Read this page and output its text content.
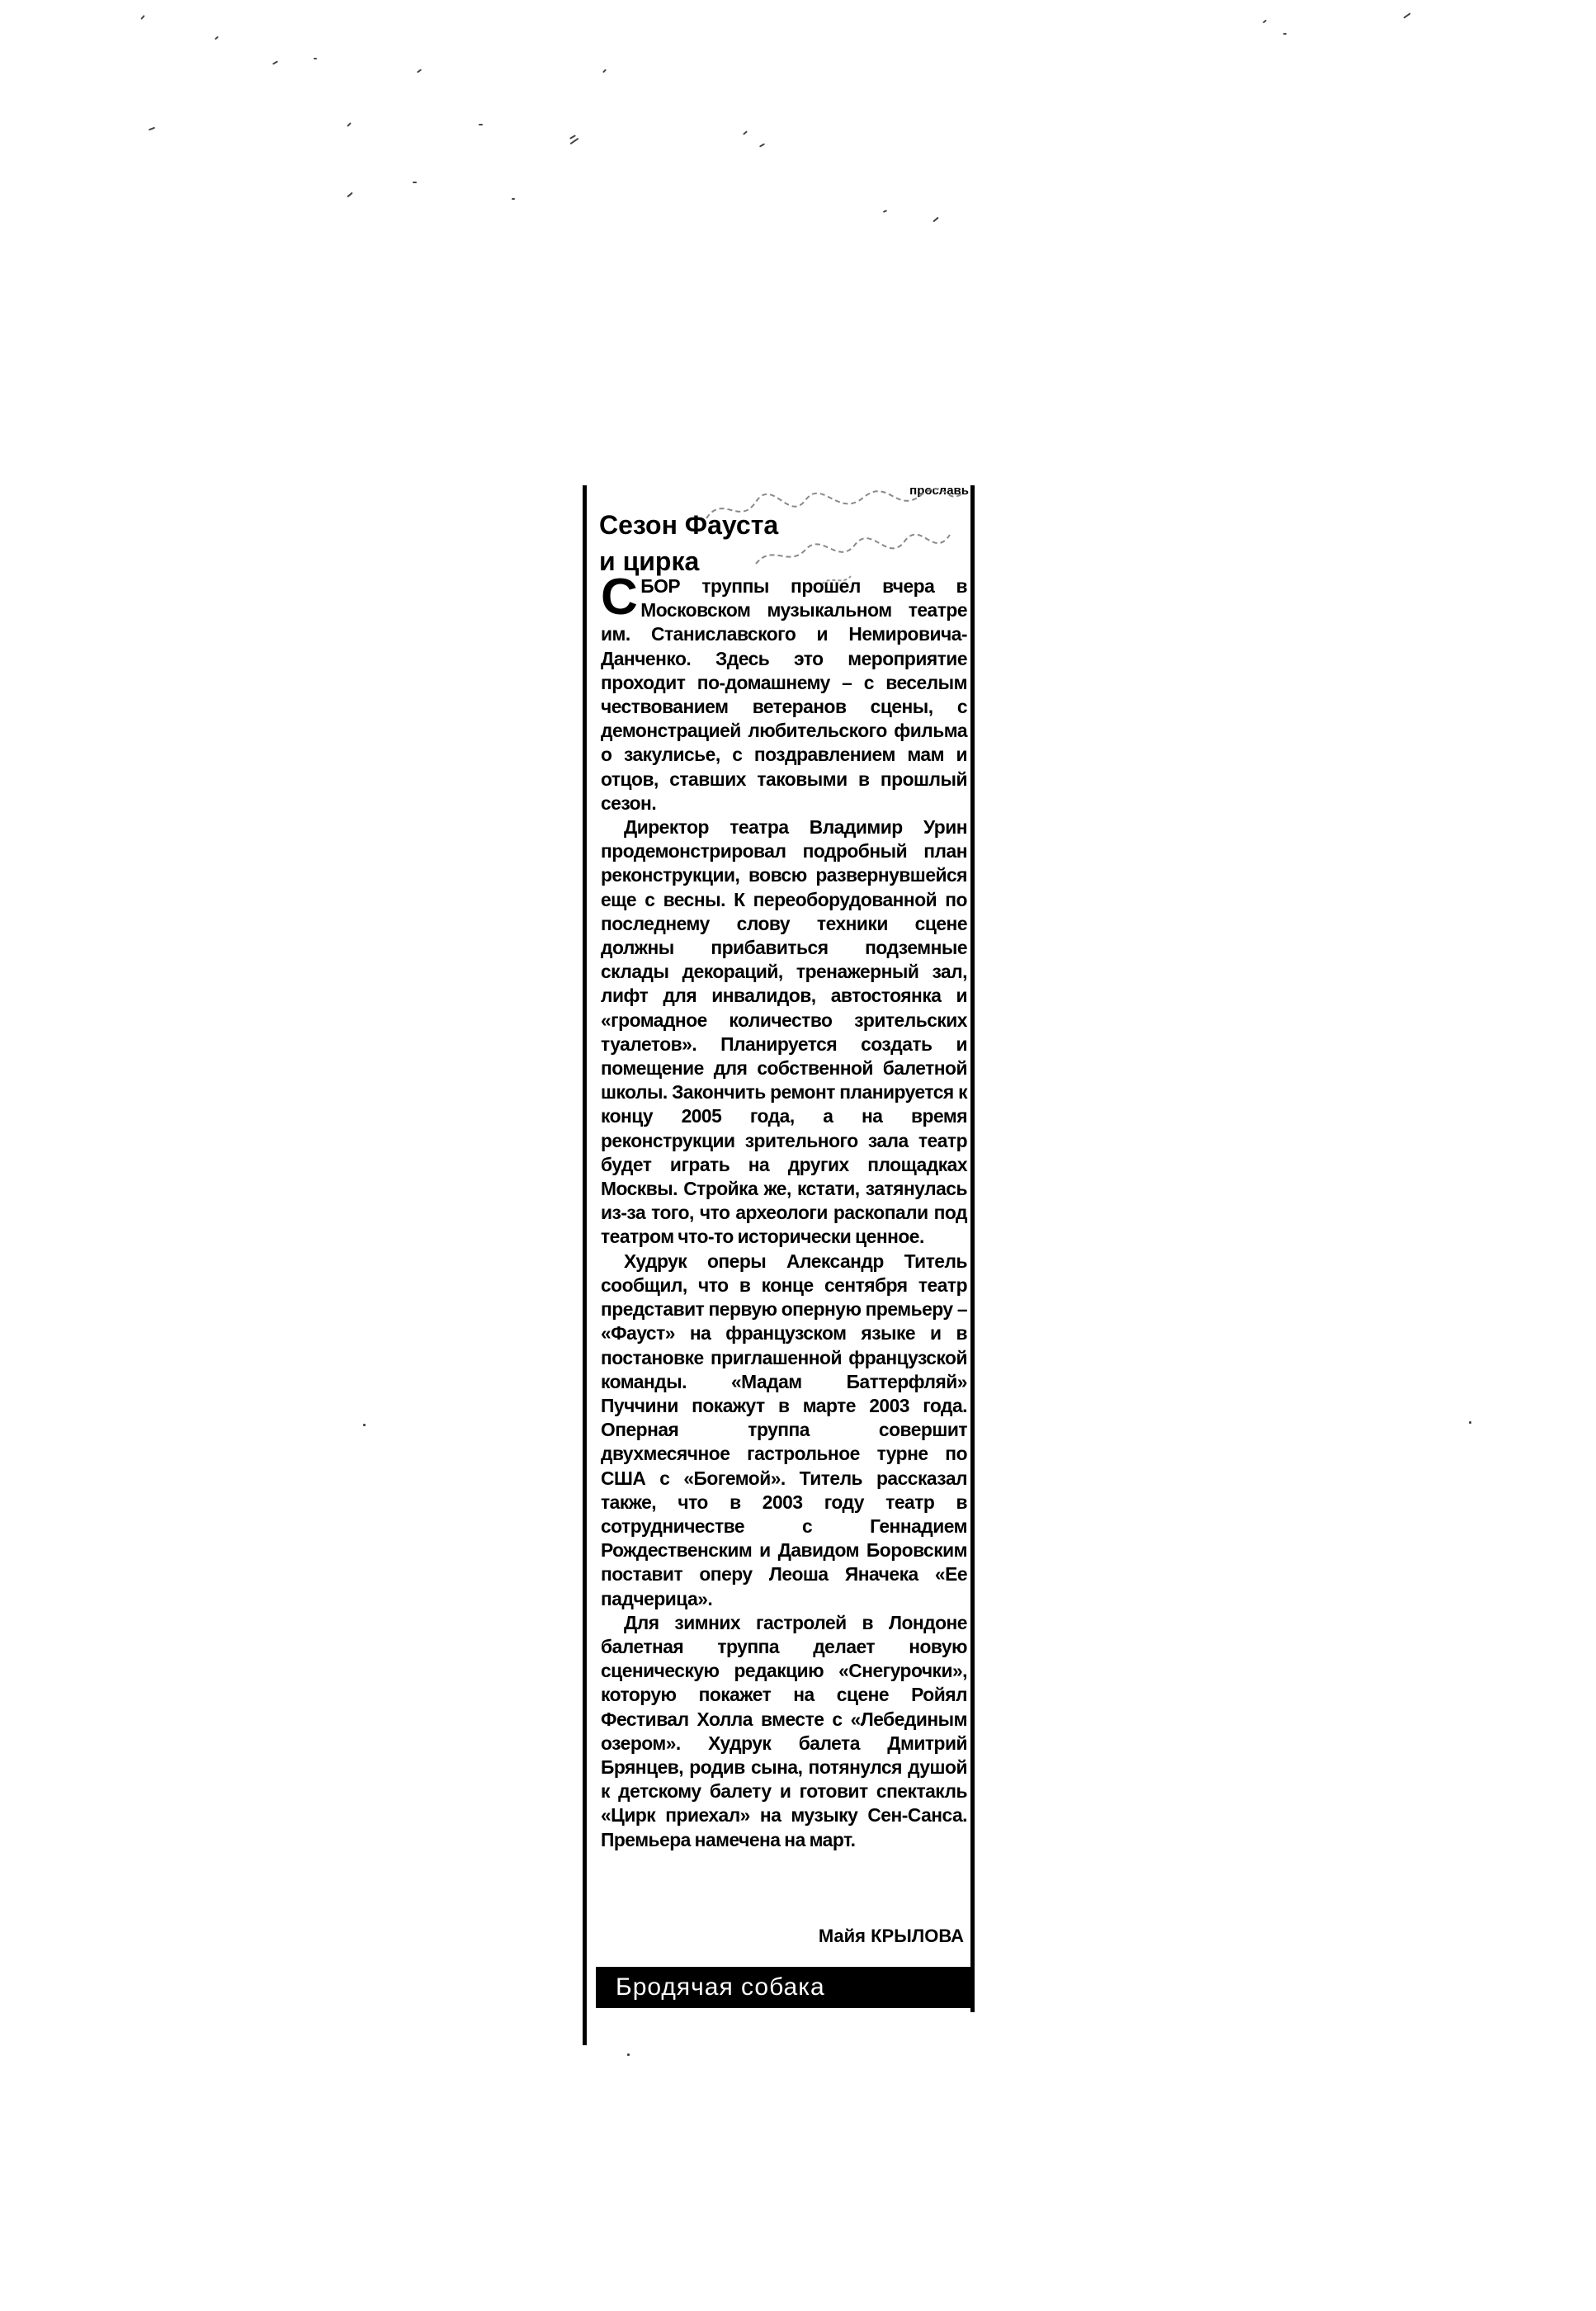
прославь
Сезон Фауста
и цирка

СБОР труппы прошел вчера в Московском музыкальном театре им. Станиславского и Немировича-Данченко. Здесь это мероприятие проходит по-домашнему – с веселым чествованием ветеранов сцены, с демонстрацией любительского фильма о закулисье, с поздравлением мам и отцов, ставших таковыми в прошлый сезон.

Директор театра Владимир Урин продемонстрировал подробный план реконструкции, вовсю развернувшейся еще с весны. К переоборудованной по последнему слову техники сцене должны прибавиться подземные склады декораций, тренажерный зал, лифт для инвалидов, автостоянка и «громадное количество зрительских туалетов». Планируется создать и помещение для собственной балетной школы. Закончить ремонт планируется к концу 2005 года, а на время реконструкции зрительного зала театр будет играть на других площадках Москвы. Стройка же, кстати, затянулась из-за того, что археологи раскопали под театром что-то исторически ценное.

Худрук оперы Александр Титель сообщил, что в конце сентября театр представит первую оперную премьеру – «Фауст» на французском языке и в постановке приглашенной французской команды. «Мадам Баттерфляй» Пуччини покажут в марте 2003 года. Оперная труппа совершит двухмесячное гастрольное турне по США с «Богемой». Титель рассказал также, что в 2003 году театр в сотрудничестве с Геннадием Рождественским и Давидом Боровским поставит оперу Леоша Яначека «Ее падчерица».

Для зимних гастролей в Лондоне балетная труппа делает новую сценическую редакцию «Снегурочки», которую покажет на сцене Ройял Фестивал Холла вместе с «Лебединым озером». Худрук балета Дмитрий Брянцев, родив сына, потянулся душой к детскому балету и готовит спектакль «Цирк приехал» на музыку Сен-Санса. Премьера намечена на март.

Майя КРЫЛОВА
Бродячая собака
